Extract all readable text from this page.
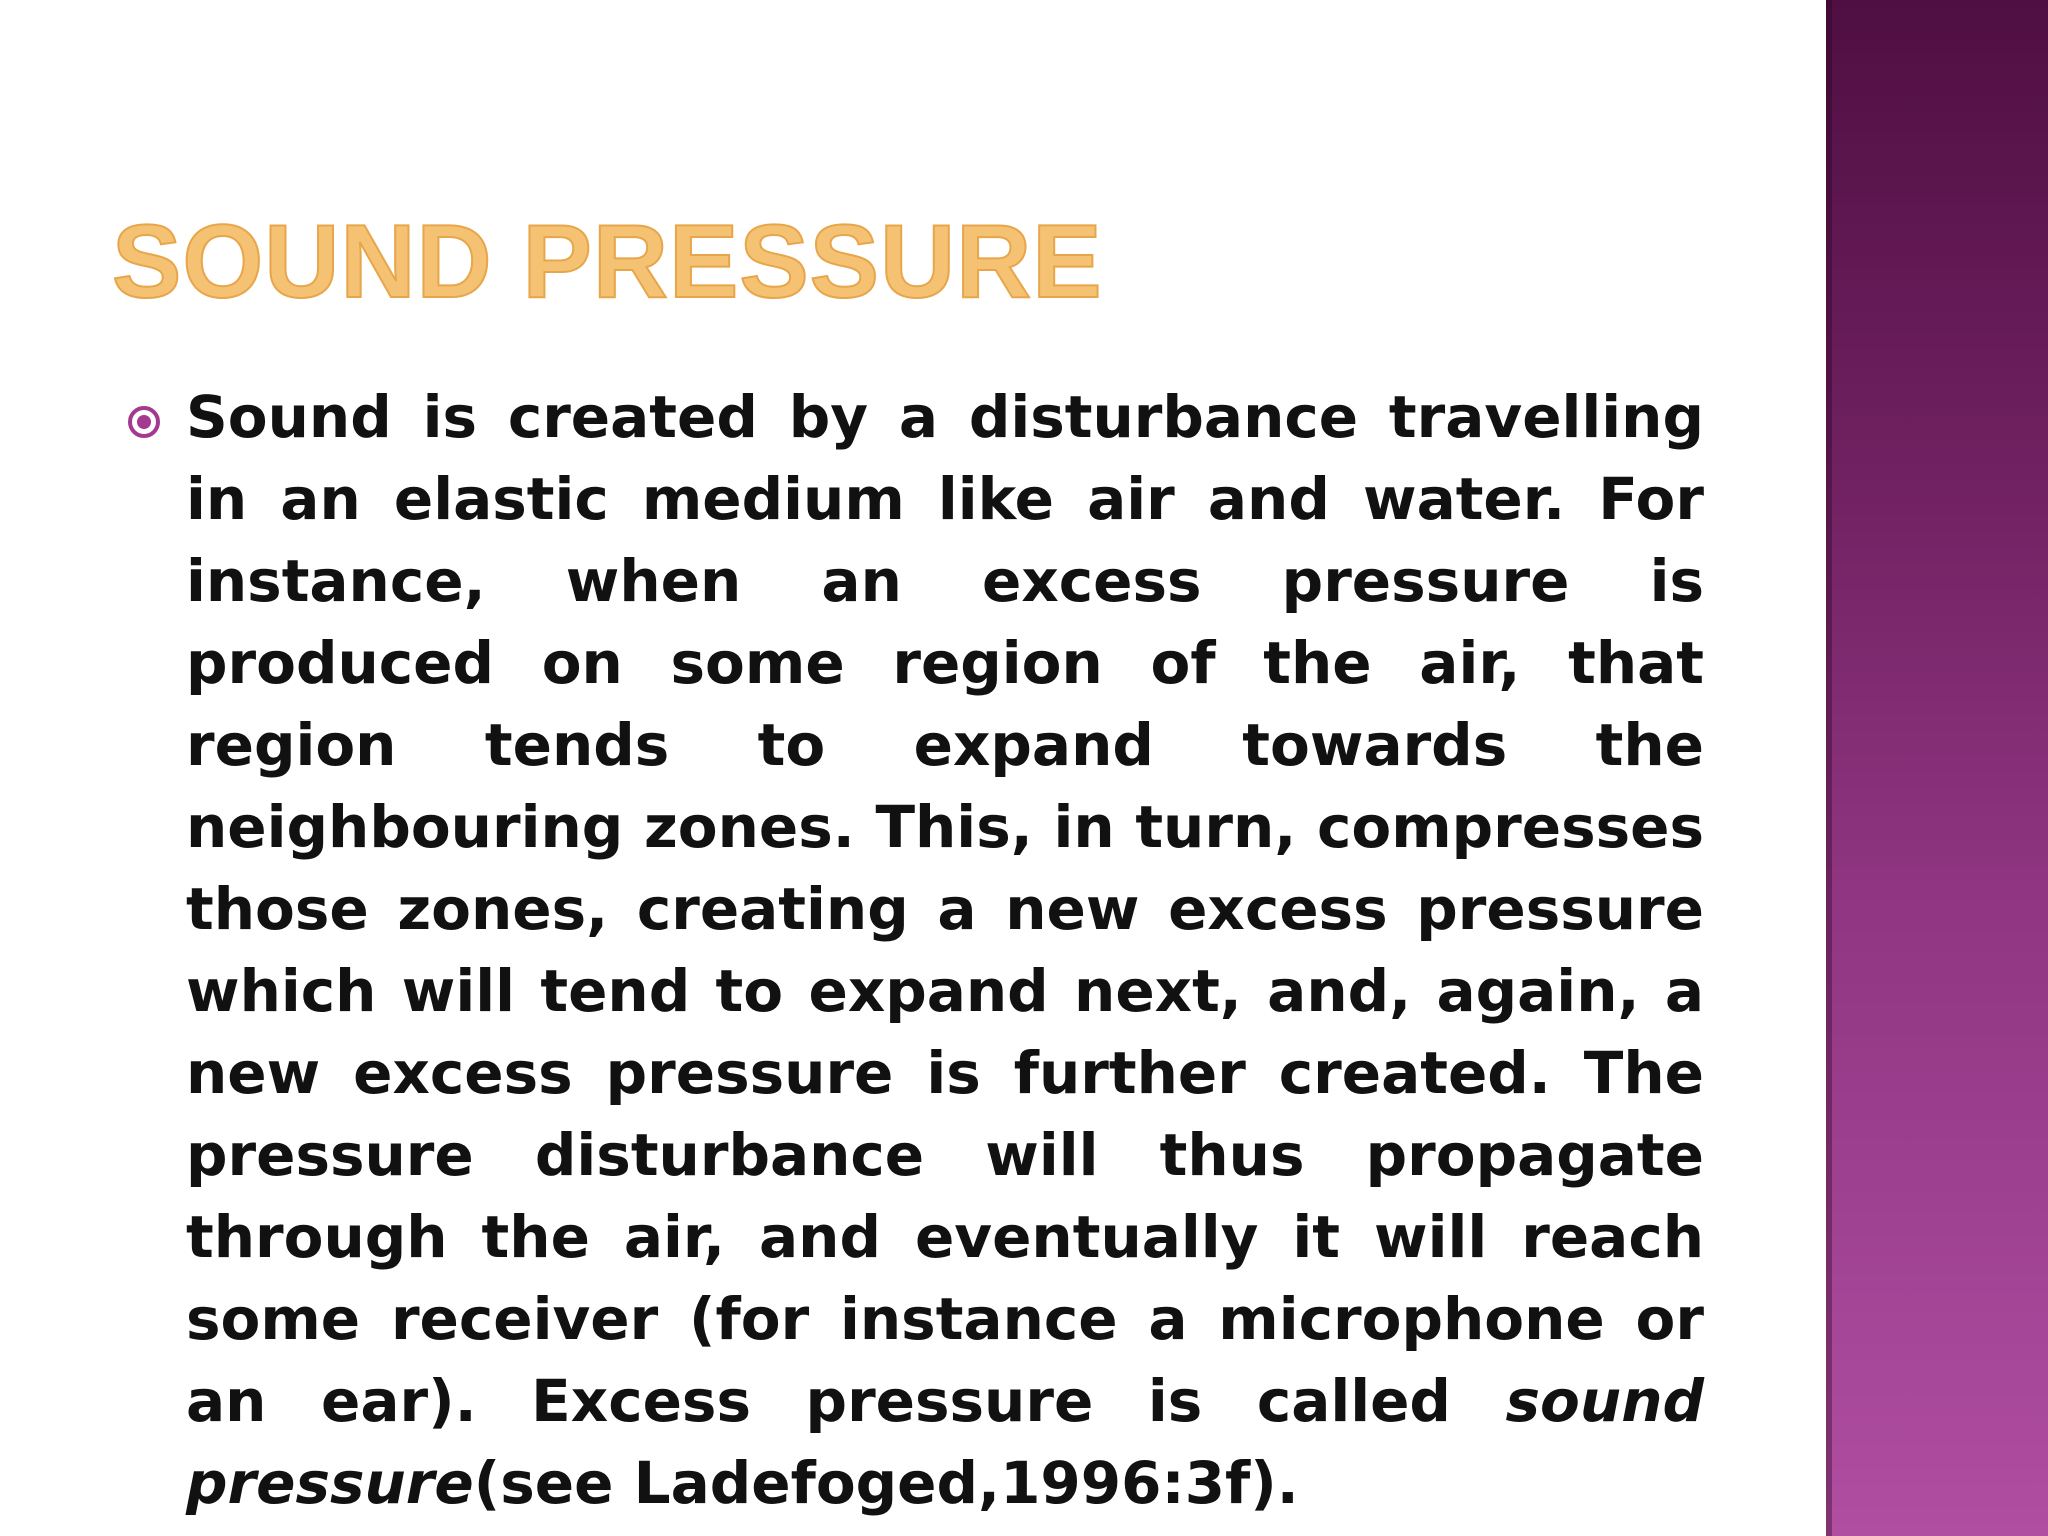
SOUND PRESSURE

Sound is created by a disturbance travelling in an elastic medium like air and water. For instance, when an excess pressure is produced on some region of the air, that region tends to expand towards the neighbouring zones. This, in turn, compresses those zones, creating a new excess pressure which will tend to expand next, and, again, a new excess pressure is further created. The pressure disturbance will thus propagate through the air, and eventually it will reach some receiver (for instance a microphone or an ear). Excess pressure is called sound pressure(see Ladefoged,1996:3f).
